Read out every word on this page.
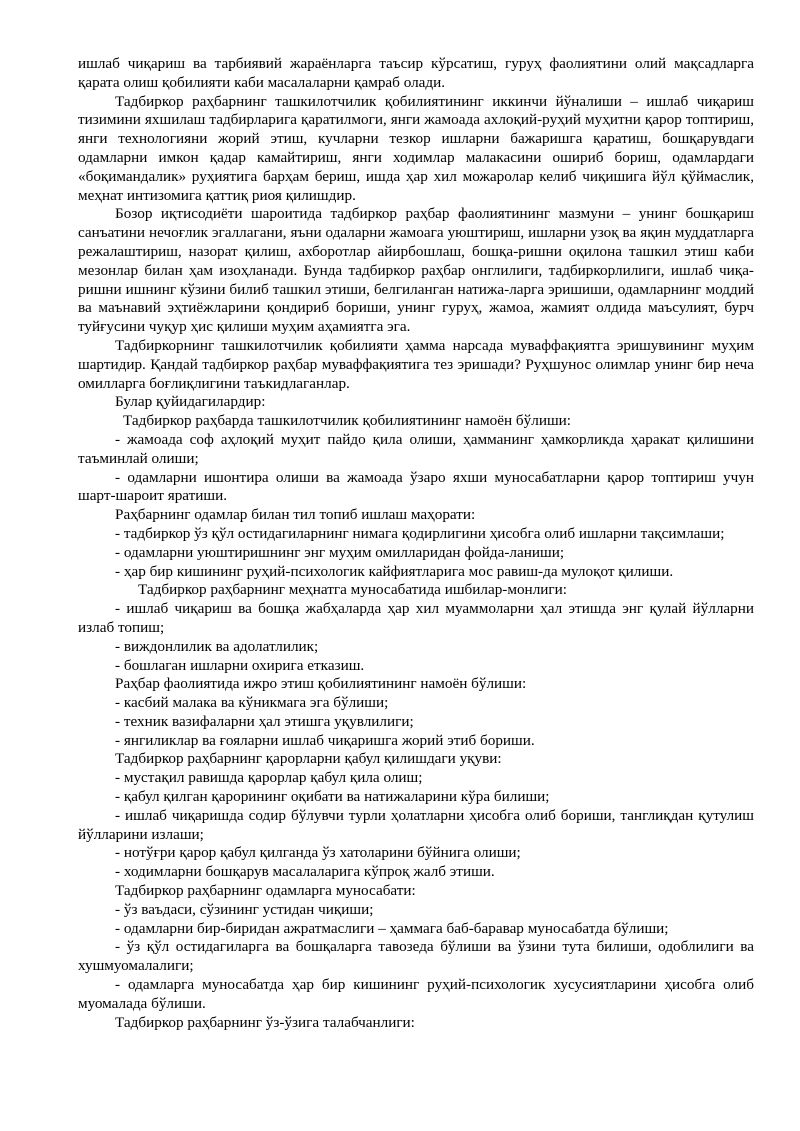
ишлаб чиқариш ва тарбиявий жараёнларга таъсир кўрсатиш, гуруҳ фаолиятини олий мақсадларга қарата олиш қобилияти каби масалаларни қамраб олади.

Тадбиркор раҳбарнинг ташкилотчилик қобилиятининг иккинчи йўналиши – ишлаб чиқариш тизимини яхшилаш тадбирларига қаратилмоги, янги жамоада ахлоқий-руҳий муҳитни қарор топтириш, янги технологияни жорий этиш, кучларни тезкор ишларни бажаришга қаратиш, бошқарувдаги одамларни имкон қадар камайтириш, янги ходимлар малакасини ошириб бориш, одамлардаги «боқимандалик» руҳиятига барҳам бериш, ишда ҳар хил можаролар келиб чиқишига йўл қўймаслик, меҳнат интизомига қаттиқ риоя қилишдир.

Бозор иқтисодиёти шароитида тадбиркор раҳбар фаолиятининг мазмуни – унинг бошқариш санъатини нечоғлик эгаллагани, яъни одаларни жамоага уюштириш, ишларни узоқ ва яқин муддатларга режалаштириш, назорат қилиш, ахборотлар айирбошлаш, бошқа-ришни оқилона ташкил этиш каби мезонлар билан ҳам изоҳланади. Бунда тадбиркор раҳбар онглилиги, тадбиркорлилиги, ишлаб чиқа-ришни ишнинг кўзини билиб ташкил этиши, белгиланган натижа-ларга эришиши, одамларнинг моддий ва маънавий эҳтиёжларини қондириб бориши, унинг гуруҳ, жамоа, жамият олдида маъсулият, бурч туйғусини чуқур ҳис қилиши муҳим аҳамиятга эга.

Тадбиркорнинг ташкилотчилик қобилияти ҳамма нарсада муваффақиятга эришувининг муҳим шартидир. Қандай тадбиркор раҳбар муваффақиятига тез эришади? Руҳшунос олимлар унинг бир неча омилларга боғлиқлигини таъкидлаганлар.

Булар қуйидагилардир:

Тадбиркор раҳбарда ташкилотчилик қобилиятининг намоён бўлиши:

- жамоада соф аҳлоқий муҳит пайдо қила олиши, ҳамманинг ҳамкорликда ҳаракат қилишини таъминлай олиши;

- одамларни ишонтира олиши ва жамоада ўзаро яхши муносабатларни қарор топтириш учун шарт-шароит яратиши.

Раҳбарнинг одамлар билан тил топиб ишлаш маҳорати:

- тадбиркор ўз қўл остидагиларнинг нимага қодирлигини ҳисобга олиб ишларни тақсимлаши;

- одамларни уюштиришнинг энг муҳим омилларидан фойда-ланиши;

- ҳар бир кишининг руҳий-психологик кайфиятларига мос равиш-да мулоқот қилиши.

Тадбиркор раҳбарнинг меҳнатга муносабатида ишбилар-монлиги:

- ишлаб чиқариш ва бошқа жабҳаларда ҳар хил муаммоларни ҳал этишда энг қулай йўлларни излаб топиш;

- виждонлилик ва адолатлилик;

- бошлаган ишларни охирига етказиш.

Раҳбар фаолиятида ижро этиш қобилиятининг намоён бўлиши:

- касбий малака ва кўникмага эга бўлиши;

- техник вазифаларни ҳал этишга уқувлилиги;

- янгиликлар ва ғояларни ишлаб чиқаришга жорий этиб бориши.

Тадбиркор раҳбарнинг қарорларни қабул қилишдаги уқуви:

- мустақил равишда қарорлар қабул қила олиш;

- қабул қилган қарорининг оқибати ва натижаларини кўра билиши;

- ишлаб чиқаришда содир бўлувчи турли ҳолатларни ҳисобга олиб бориши, танглиқдан қутулиш йўлларини излаши;

- нотўғри қарор қабул қилганда ўз хатоларини бўйнига олиши;

- ходимларни бошқарув масалаларига кўпроқ жалб этиши.

Тадбиркор раҳбарнинг одамларга муносабати:

- ўз ваъдаси, сўзининг устидан чиқиши;

- одамларни бир-биридан ажратмаслиги – ҳаммага баб-баравар муносабатда бўлиши;

- ўз қўл остидагиларга ва бошқаларга тавозеда бўлиши ва ўзини тута билиши, одоблилиги ва хушмуомалалиги;

- одамларга муносабатда ҳар бир кишининг руҳий-психологик хусусиятларини ҳисобга олиб муомалада бўлиши.

Тадбиркор раҳбарнинг ўз-ўзига талабчанлиги:
